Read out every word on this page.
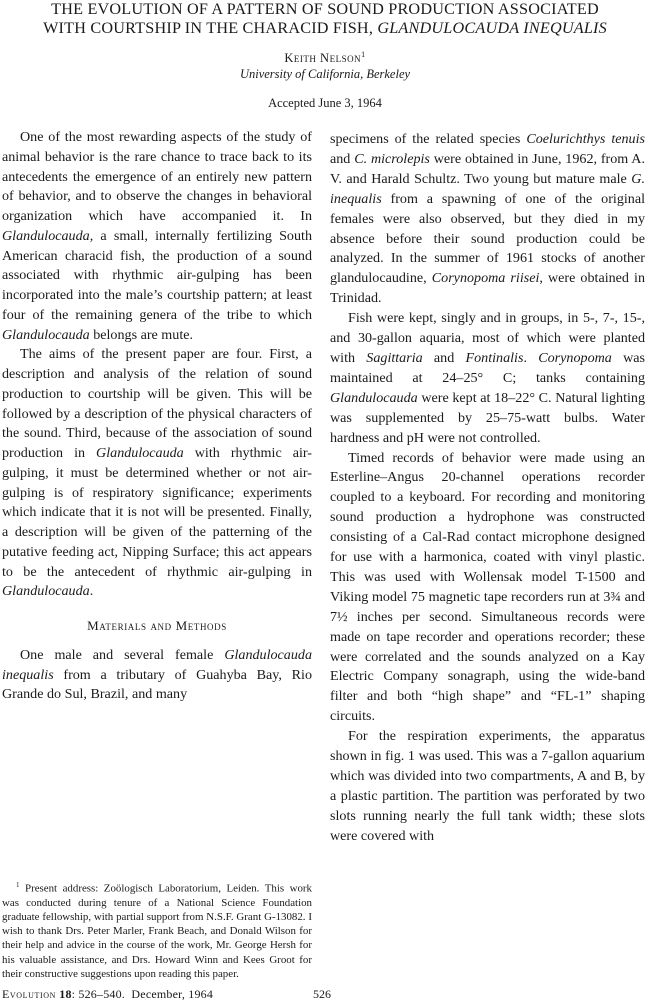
THE EVOLUTION OF A PATTERN OF SOUND PRODUCTION ASSOCIATED
WITH COURTSHIP IN THE CHARACID FISH, GLANDULOCAUDA INEQUALIS
Keith Nelson$^1$
University of California, Berkeley
Accepted June 3, 1964

One of the most rewarding aspects of the study of animal behavior is the rare chance to trace back to its antecedents the emergence of an entirely new pattern of behavior, and to observe the changes in behavioral organization which have accompanied it. In Glandulocauda, a small, internally fertilizing South American characid fish, the production of a sound associated with rhythmic air-gulping has been incorporated into the male’s courtship pattern; at least four of the remaining genera of the tribe to which Glandulocauda belongs are mute.

The aims of the present paper are four. First, a description and analysis of the relation of sound production to courtship will be given. This will be followed by a description of the physical characters of the sound. Third, because of the association of sound production in Glandulocauda with rhythmic air-gulping, it must be determined whether or not air-gulping is of respiratory significance; experiments which indicate that it is not will be presented. Finally, a description will be given of the patterning of the putative feeding act, Nipping Surface; this act appears to be the antecedent of rhythmic air-gulping in Glandulocauda.

Materials and Methods

One male and several female Glandulocauda inequalis from a tributary of Guahyba Bay, Rio Grande do Sul, Brazil, and many

$^1$ Present address: Zoölogisch Laboratorium, Leiden. This work was conducted during tenure of a National Science Foundation graduate fellowship, with partial support from N.S.F. Grant G-13082. I wish to thank Drs. Peter Marler, Frank Beach, and Donald Wilson for their help and advice in the course of the work, Mr. George Hersh for his valuable assistance, and Drs. Howard Winn and Kees Groot for their constructive suggestions upon reading this paper.

specimens of the related species Coelurichthys tenuis and C. microlepis were obtained in June, 1962, from A. V. and Harald Schultz. Two young but mature male G. inequalis from a spawning of one of the original females were also observed, but they died in my absence before their sound production could be analyzed. In the summer of 1961 stocks of another glandulocaudine, Corynopoma riisei, were obtained in Trinidad.

Fish were kept, singly and in groups, in 5-, 7-, 15-, and 30-gallon aquaria, most of which were planted with Sagittaria and Fontinalis. Corynopoma was maintained at 24–25° C; tanks containing Glandulocauda were kept at 18–22° C. Natural lighting was supplemented by 25–75-watt bulbs. Water hardness and pH were not controlled.

Timed records of behavior were made using an Esterline–Angus 20-channel operations recorder coupled to a keyboard. For recording and monitoring sound production a hydrophone was constructed consisting of a Cal-Rad contact microphone designed for use with a harmonica, coated with vinyl plastic. This was used with Wollensak model T-1500 and Viking model 75 magnetic tape recorders run at 3¾ and 7½ inches per second. Simultaneous records were made on tape recorder and operations recorder; these were correlated and the sounds analyzed on a Kay Electric Company sonagraph, using the wide-band filter and both “high shape” and “FL-1” shaping circuits.

For the respiration experiments, the apparatus shown in fig. 1 was used. This was a 7-gallon aquarium which was divided into two compartments, A and B, by a plastic partition. The partition was perforated by two slots running nearly the full tank width; these slots were covered with

Evolution 18: 526–540. December, 1964	526
